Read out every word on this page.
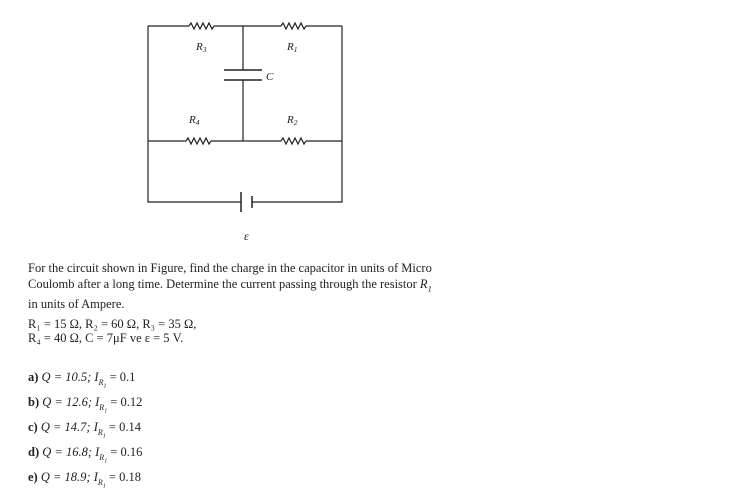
R3	R1
C
R4	R2
ε
For the circuit shown in Figure, find the charge in the capacitor in units of Micro Coulomb after a long time. Determine the current passing through the resistor $R_1$
in units of Ampere.

R₁ = 15 Ω, R₂ = 60 Ω, R₃ = 35 Ω,

R₄ = 40 Ω, C = 7μF ve ε = 5 V.

a) Q = 10.5; $I_{R_1} = 0.1$
b) Q = 12.6; $I_{R_1} = 0.12$
c) Q = 14.7; $I_{R_1} = 0.14$
d) Q = 16.8; $I_{R_1} = 0.16$
e) Q = 18.9; $I_{R_1} = 0.18$
